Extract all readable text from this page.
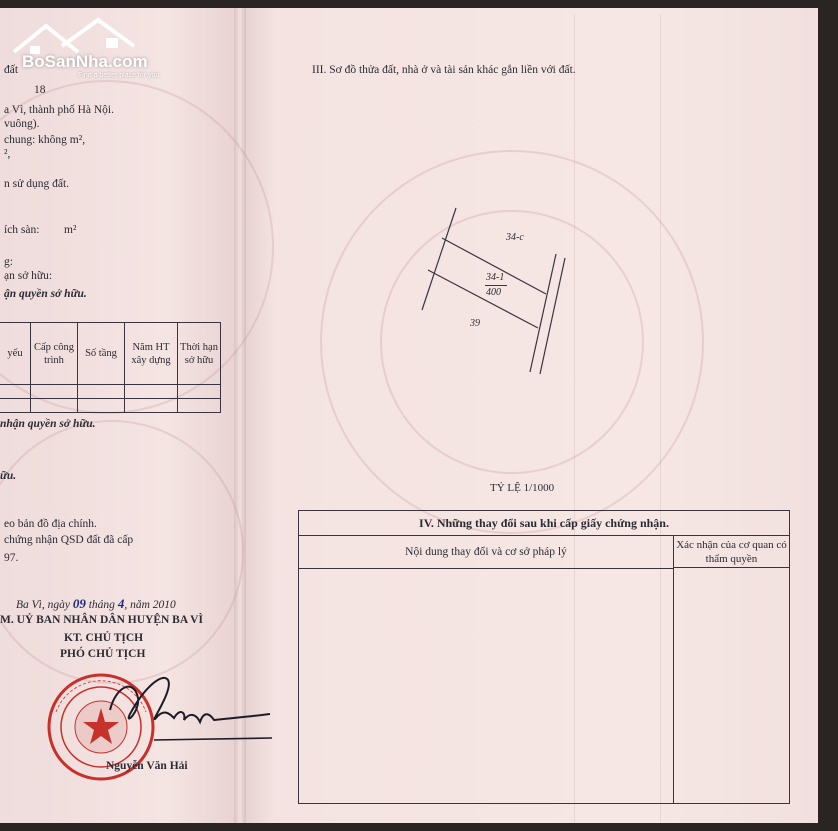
BoSanNha.com
Find a better place for you
đất
18
a Vì, thành phố Hà Nội.
vuông).
chung: không m²,
²,
n sử dụng đất.
ích sàn: m²
g:
ạn sở hữu:
ận quyền sở hữu.
yếu	Cấp công trình	Số tầng	Năm HT xây dựng	Thời hạn sở hữu

nhận quyền sở hữu.
ữu.
eo bản đồ địa chính.
chứng nhận QSD đất đã cấp
97.
Ba Vì, ngày 09 tháng 4, năm 2010
M. UỶ BAN NHÂN DÂN HUYỆN BA VÌ
KT. CHỦ TỊCH
PHÓ CHỦ TỊCH
Nguyễn Văn Hải
III. Sơ đồ thửa đất, nhà ở và tài sản khác gắn liền với đất.
34-c
34-1
400
39
TỶ LỆ 1/1000
IV. Những thay đổi sau khi cấp giấy chứng nhận.
Nội dung thay đổi và cơ sở pháp lý
Xác nhận của cơ quan có thẩm quyền
